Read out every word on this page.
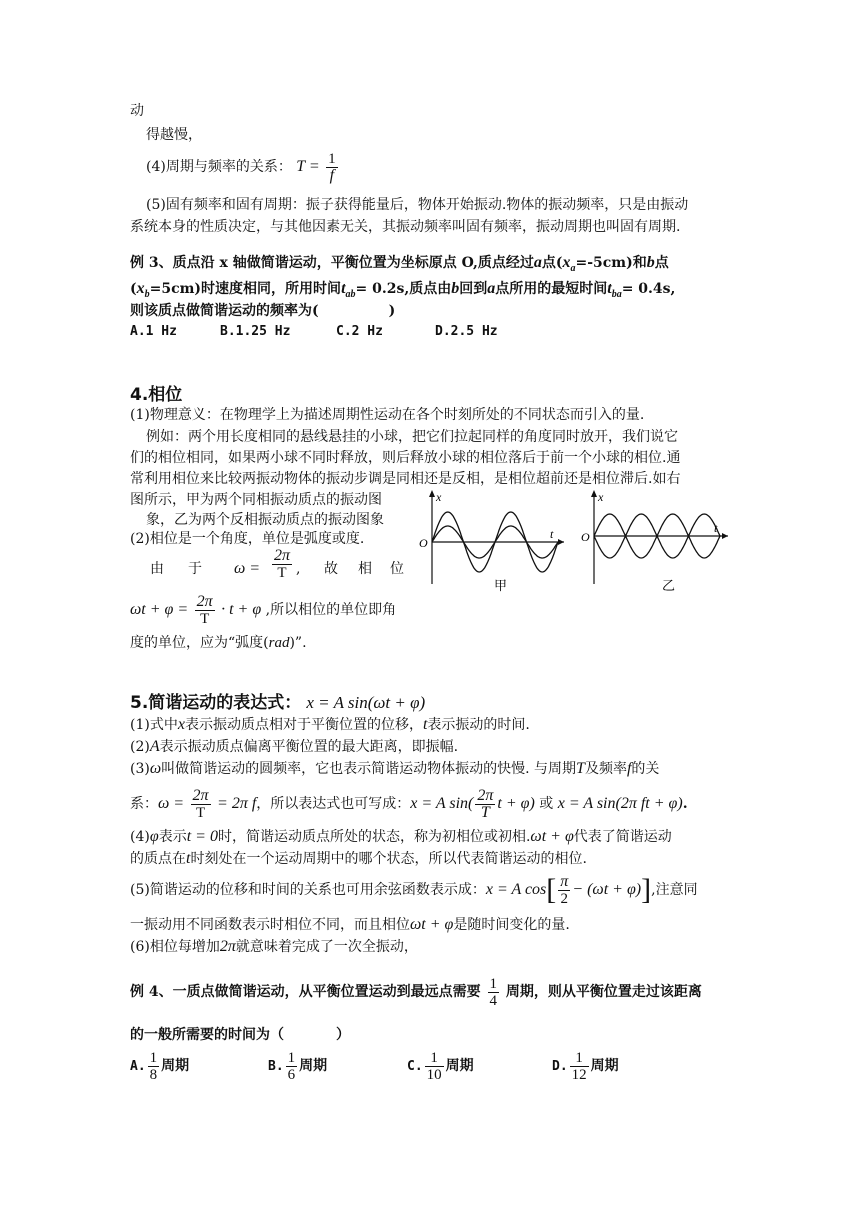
动
得越慢，
(4)周期与频率的关系： $T = \frac{1}{f}$
(5)固有频率和固有周期：振子获得能量后，物体开始振动.物体的振动频率，只是由振动
系统本身的性质决定，与其他因素无关，其振动频率叫固有频率，振动周期也叫固有周期.
例 3、质点沿 x 轴做简谐运动，平衡位置为坐标原点 O,质点经过a点$(x_a=-5cm)$和b点
$(x_b=5cm)$时速度相同，所用时间$t_{ab}= 0.2s$,质点由b回到a点所用的最短时间$t_{ba}= 0.4s$,
则该质点做简谐运动的频率为(	)
A.1 Hz	B.1.25 Hz	C.2 Hz	D.2.5 Hz
4.相位
(1)物理意义：在物理学上为描述周期性运动在各个时刻所处的不同状态而引入的量.
例如：两个用长度相同的悬线悬挂的小球，把它们拉起同样的角度同时放开，我们说它
们的相位相同，如果两小球不同时释放，则后释放小球的相位落后于前一个小球的相位.通
常利用相位来比较两振动物体的振动步调是同相还是反相，是相位超前还是相位滞后.如右
图所示，甲为两个同相振动质点的振动图
象，乙为两个反相振动质点的振动图象
(2)相位是一个角度，单位是弧度或度.
由 于 $\omega = \frac{2\pi}{T}$ , 故 相 位
$\omega t + \varphi = \frac{2\pi}{T} \cdot t + \varphi$ ,所以相位的单位即角
度的单位，应为“弧度(rad)”.
x
O
t
甲
x
O
t
乙
5.简谐运动的表达式： x = A sin(ωt + φ)
(1)式中x表示振动质点相对于平衡位置的位移，t表示振动的时间.
(2)A表示振动质点偏离平衡位置的最大距离，即振幅.
(3)ω叫做简谐运动的圆频率，它也表示简谐运动物体振动的快慢. 与周期T及频率f的关
系：$\omega = \frac{2\pi}{T} = 2\pi$ f，所以表达式也可写成：x = A $\sin( \frac{2\pi}{T}$ t + φ) 或 x = A sin(2π ft + φ).
(4)φ表示t = 0时，简谐运动质点所处的状态，称为初相位或初相.ωt + φ代表了简谐运动
的质点在t时刻处在一个运动周期中的哪个状态，所以代表简谐运动的相位.
(5)简谐运动的位移和时间的关系也可用余弦函数表示成：x = A $\cos[ \frac{\pi}{2} - (\omega t + \varphi)]$,注意同
一振动用不同函数表示时相位不同，而且相位ωt + φ是随时间变化的量.
(6)相位每增加2π就意味着完成了一次全振动，
例 4、一质点做简谐运动，从平衡位置运动到最远点需要 $\frac{1}{4}$ 周期，则从平衡位置走过该距离
的一般所需要的时间为（	）
A. $\frac{1}{8}$ 周期	B. $\frac{1}{6}$ 周期	C. $\frac{1}{10}$ 周期	D. $\frac{1}{12}$ 周期
